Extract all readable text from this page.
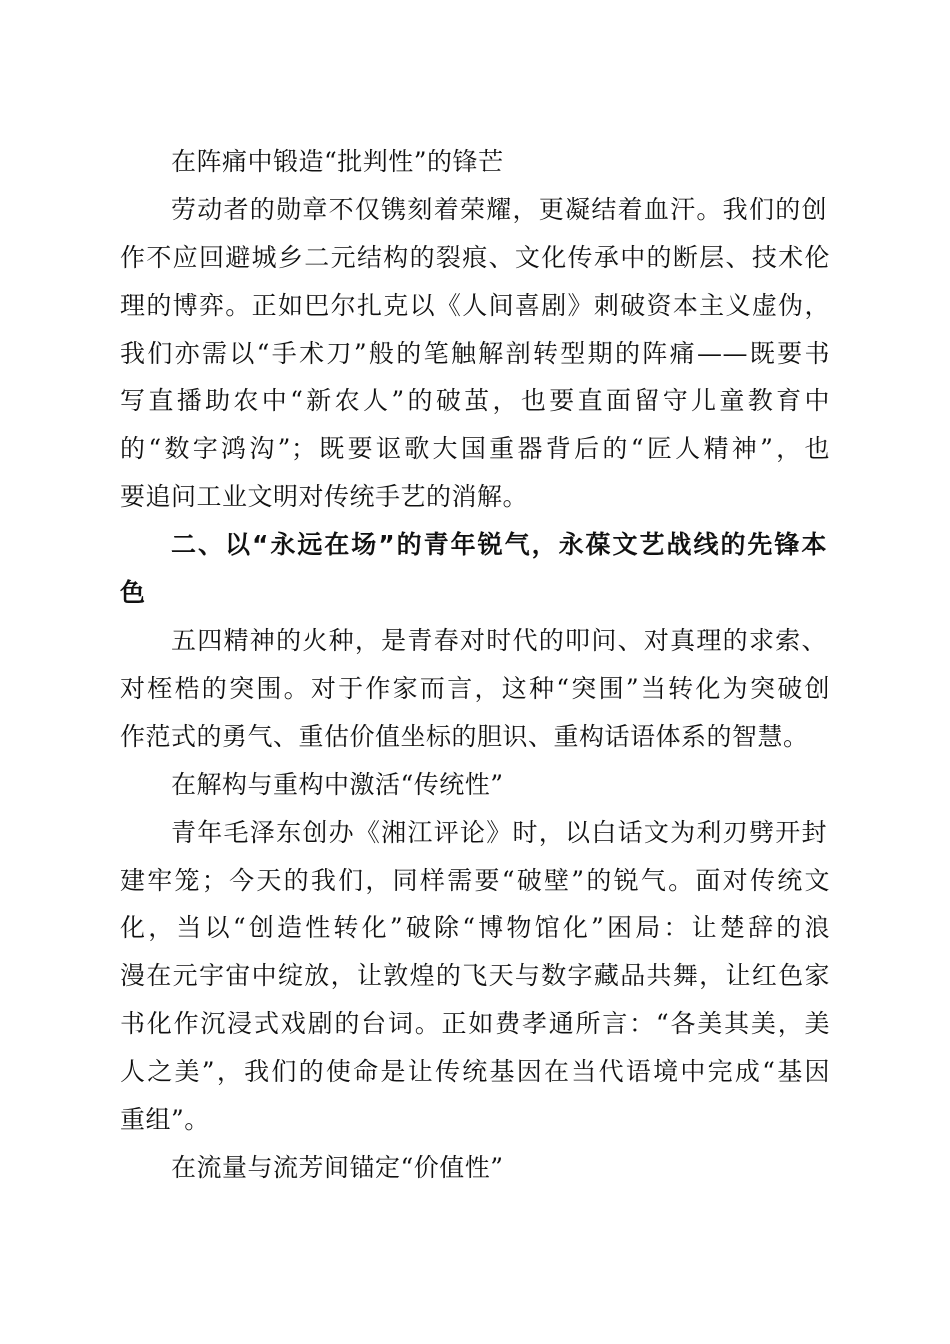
在阵痛中锻造“批判性”的锋芒
劳动者的勋章不仅镌刻着荣耀，更凝结着血汗。我们的创
作不应回避城乡二元结构的裂痕、文化传承中的断层、技术伦
理的博弈。正如巴尔扎克以《人间喜剧》刺破资本主义虚伪，
我们亦需以“手术刀”般的笔触解剖转型期的阵痛——既要书
写直播助农中“新农人”的破茧，也要直面留守儿童教育中
的“数字鸿沟”；既要讴歌大国重器背后的“匠人精神”，也
要追问工业文明对传统手艺的消解。
二、以“永远在场”的青年锐气，永葆文艺战线的先锋本
色
五四精神的火种，是青春对时代的叩问、对真理的求索、
对桎梏的突围。对于作家而言，这种“突围”当转化为突破创
作范式的勇气、重估价值坐标的胆识、重构话语体系的智慧。
在解构与重构中激活“传统性”
青年毛泽东创办《湘江评论》时，以白话文为利刃劈开封
建牢笼；今天的我们，同样需要“破壁”的锐气。面对传统文
化，当以“创造性转化”破除“博物馆化”困局：让楚辞的浪
漫在元宇宙中绽放，让敦煌的飞天与数字藏品共舞，让红色家
书化作沉浸式戏剧的台词。正如费孝通所言：“各美其美，美
人之美”，我们的使命是让传统基因在当代语境中完成“基因
重组”。
在流量与流芳间锚定“价值性”
